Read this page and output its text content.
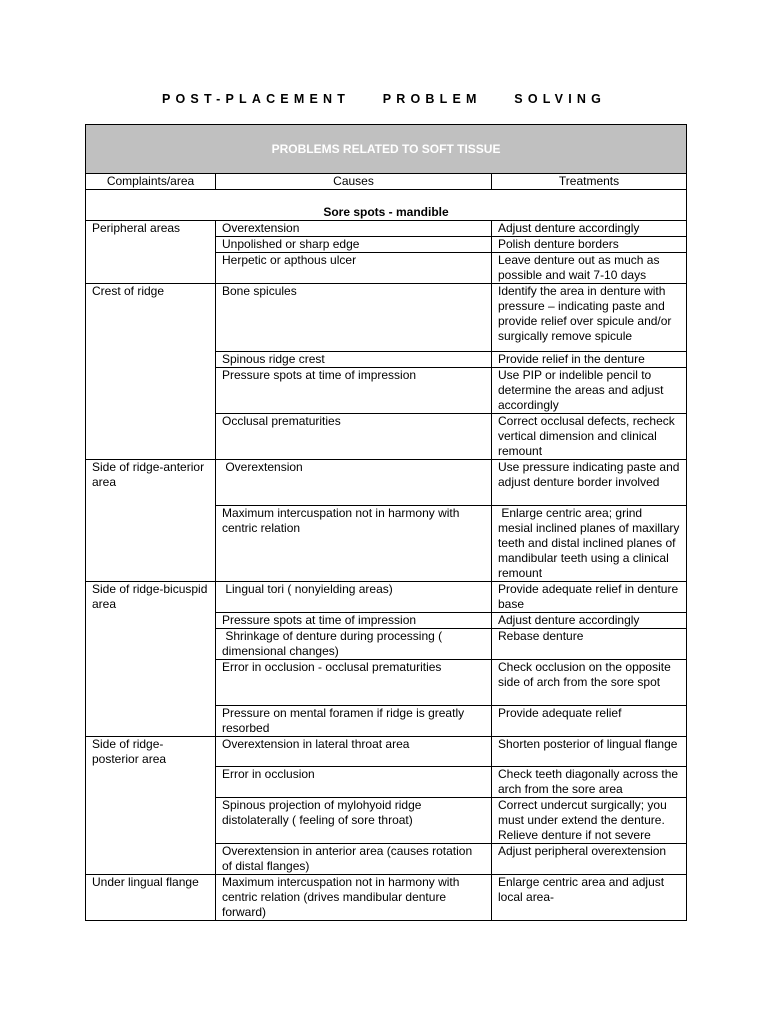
POST-PLACEMENT PROBLEM SOLVING
PROBLEMS RELATED TO SOFT TISSUE		
Complaints/area	Causes	Treatments
Sore spots - mandible		
Peripheral areas	Overextension	Adjust denture accordingly
	Unpolished or sharp edge	Polish denture borders
	Herpetic or apthous ulcer	Leave denture out as much as possible and wait 7-10 days
Crest of ridge	Bone spicules	Identify the area in denture with pressure – indicating paste and provide relief over spicule and/or surgically remove spicule
	Spinous ridge crest	Provide relief in the denture
	Pressure spots at time of impression	Use PIP or indelible pencil to determine the areas and adjust accordingly
	Occlusal prematurities	Correct occlusal defects, recheck vertical dimension and clinical remount
Side of ridge-anterior area	Overextension	Use pressure indicating paste and adjust denture border involved
	Maximum intercuspation not in harmony with centric relation	Enlarge centric area; grind mesial inclined planes of maxillary teeth and distal inclined planes of mandibular teeth using a clinical remount
Side of ridge-bicuspid area	Lingual tori ( nonyielding areas)	Provide adequate relief in denture base
	Pressure spots at time of impression	Adjust denture accordingly
	Shrinkage of denture during processing ( dimensional changes)	Rebase denture
	Error in occlusion - occlusal prematurities	Check occlusion on the opposite side of arch from the sore spot
	Pressure on mental foramen if ridge is greatly resorbed	Provide adequate relief
Side of ridge-posterior area	Overextension in lateral throat area	Shorten posterior of lingual flange
	Error in occlusion	Check teeth diagonally across the arch from the sore area
	Spinous projection of mylohyoid ridge distolaterally ( feeling of sore throat)	Correct undercut surgically; you must under extend the denture. Relieve denture if not severe
	Overextension in anterior area (causes rotation of distal flanges)	Adjust peripheral overextension
Under lingual flange	Maximum intercuspation not in harmony with centric relation (drives mandibular denture forward)	Enlarge centric area and adjust local area-
